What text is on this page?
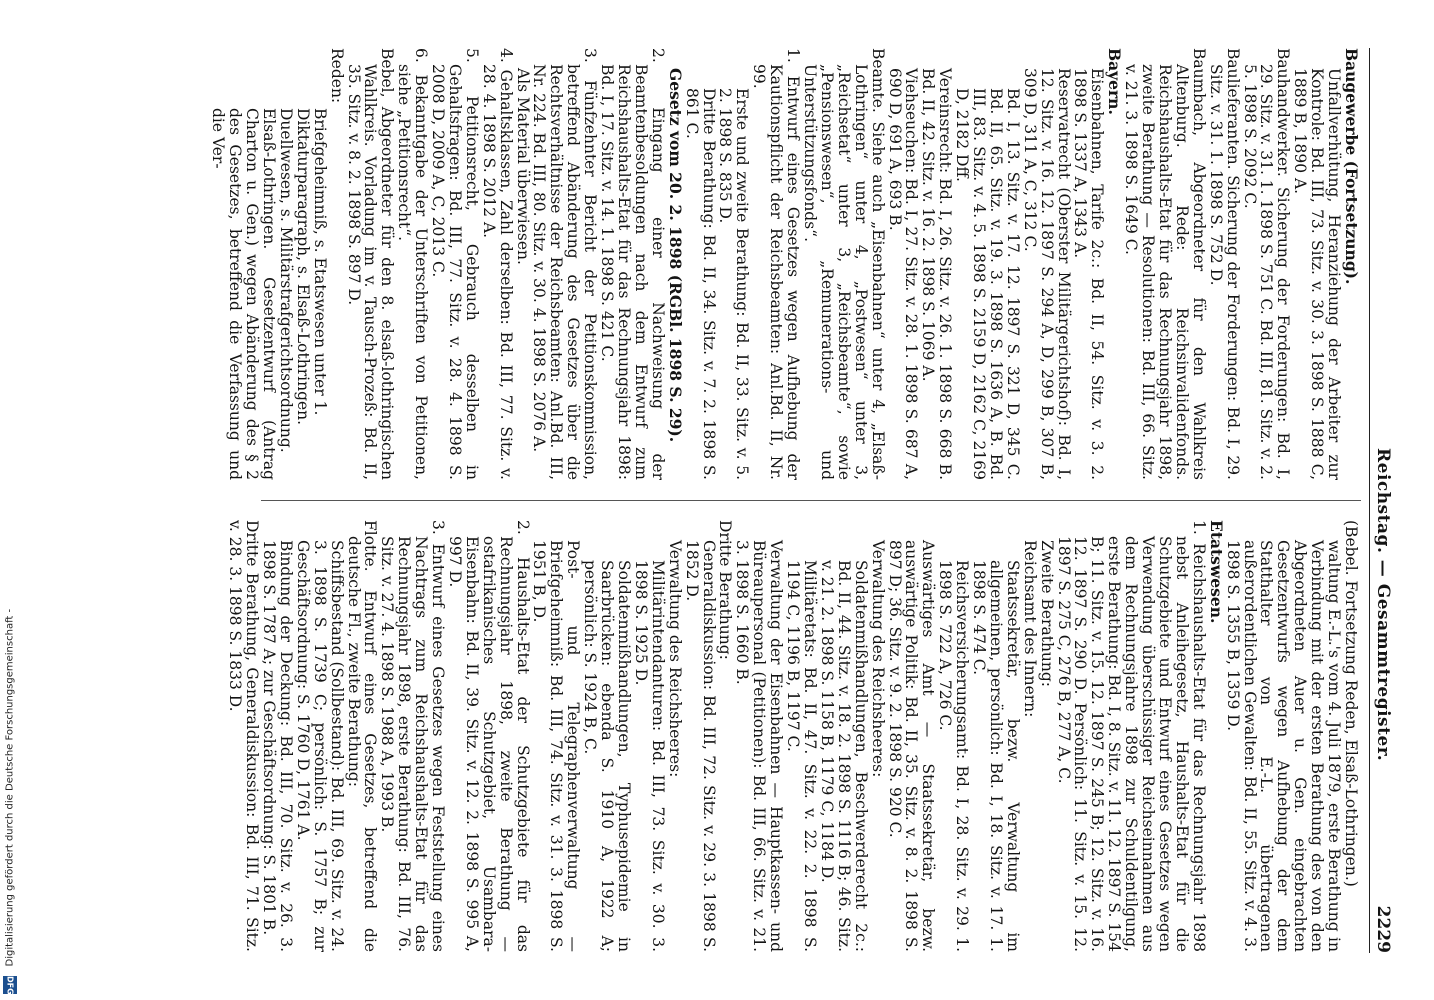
Digitalisierung gefördert durch die Deutsche Forschungsgemeinschaft -
DFG
Reichstag. — Gesammtregister.
2229

Baugewerbe (Fortsetzung).

Unfallverhütung, Heranziehung der Arbeiter zur Kontrole: Bd. III, 73. Sitz. v. 30. 3. 1898 S. 1888 C, 1889 B, 1890 A.

Bauhandwerker. Sicherung der Forderungen: Bd. I, 29. Sitz. v. 31. 1. 1898 S. 751 C. Bd. III, 81. Sitz. v. 2. 5. 1898 S. 2092 C.

Baulieferanten. Sicherung der Forderungen: Bd. I, 29. Sitz. v. 31. 1. 1898 S. 752 D.

Baumbach, Abgeordneter für den Wahlkreis Altenburg. Rede: Reichsinvalidenfonds. Reichshaushalts-Etat für das Rechnungsjahr 1898, zweite Berathung — Resolutionen: Bd. III, 66. Sitz. v. 21. 3. 1898 S. 1649 C.

Bayern.

Eisenbahnen, Tarife 2c.: Bd. II, 54. Sitz. v. 3. 2. 1898 S. 1337 A, 1343 A.

Reservatrecht (Oberster Militärgerichtshof): Bd. I, 12. Sitz. v. 16. 12. 1897 S. 294 A, D, 299 B, 307 B, 309 D, 311 A, C, 312 C.

Bd. I, 13. Sitz. v. 17. 12. 1897 S. 321 D, 345 C. Bd. II, 65. Sitz. v. 19. 3. 1898 S. 1636 A, B. Bd. III, 83. Sitz. v. 4. 5. 1898 S. 2159 D, 2162 C, 2169 D, 2182 Dff.

Vereinsrecht: Bd. I, 26. Sitz. v. 26. 1. 1898 S. 668 B. Bd. II, 42. Sitz. v. 16. 2. 1898 S. 1069 A.

Viehseuchen: Bd. I, 27. Sitz. v. 28. 1. 1898 S. 687 A, 690 D, 691 A, 693 B.

Beamte. Siehe auch „Eisenbahnen“ unter 4, „Elsaß-Lothringen“ unter 4, „Postwesen“ unter 3, „Reichsetat“ unter 3, „Reichsbeamte“, sowie „Pensionswesen“, „Remunerations- und Unterstützungsfonds“.

1. Entwurf eines Gesetzes wegen Aufhebung der Kautionspflicht der Reichsbeamten: Anl.Bd. II, Nr. 99.

Erste und zweite Berathung: Bd. II, 33. Sitz. v. 5. 2. 1898 S. 835 D.

Dritte Berathung: Bd. II, 34. Sitz. v. 7. 2. 1898 S. 861 C.

Gesetz vom 20. 2. 1898 (RGBl. 1898 S. 29).

2. Eingang einer Nachweisung der Beamtenbesoldungen nach dem Entwurf zum Reichshaushalts-Etat für das Rechnungsjahr 1898: Bd. I, 17. Sitz. v. 14. 1. 1898 S. 421 C.

3. Fünfzehnter Bericht der Petitionskommission, betreffend Abänderung des Gesetzes über die Rechtsverhältnisse der Reichsbeamten: Anl.Bd. III, Nr. 224. Bd. III, 80. Sitz. v. 30. 4. 1898 S. 2076 A.

Als Material überwiesen.

4. Gehaltsklassen, Zahl derselben: Bd. III, 77. Sitz. v. 28. 4. 1898 S. 2012 A.

5. Petitionsrecht, Gebrauch desselben in Gehaltsfragen: Bd. III, 77. Sitz. v. 28. 4. 1898 S. 2008 D, 2009 A, C, 2013 C.

6. Bekanntgabe der Unterschriften von Petitionen, siehe „Petitionsrecht“.

Bebel, Abgeordneter für den 8. elsaß-lothringischen Wahlkreis. Vorladung im v. Tausch-Prozeß: Bd. II, 35. Sitz. v. 8. 2. 1898 S. 897 D.

Reden:

Briefgeheimniß, s. Etatswesen unter 1.

Diktaturparagraph, s. Elsaß-Lothringen.

Duellwesen, s. Militärstrafgerichtsordnung.

Elsaß-Lothringen. Gesetzentwurf (Antrag Charton u. Gen.) wegen Abänderung des § 2 des Gesetzes, betreffend die Verfassung und die Ver-

(Bebel. Fortsetzung Reden, Elsaß-Lothringen.)

waltung E.-L.'s vom 4. Juli 1879, erste Berathung in Verbindung mit der ersten Berathung des von den Abgeordneten Auer u. Gen. eingebrachten Gesetzentwurfs wegen Aufhebung der dem Statthalter von E.-L. übertragenen außerordentlichen Gewalten: Bd. II, 55. Sitz. v. 4. 3. 1898 S. 1355 B, 1359 D.

Etatswesen.

1. Reichshaushalts-Etat für das Rechnungsjahr 1898 nebst Anleihegesetz, Haushalts-Etat für die Schutzgebiete und Entwurf eines Gesetzes wegen Verwendung überschüssiger Reichseinnahmen aus dem Rechnungsjahre 1898 zur Schuldentilgung, erste Berathung: Bd. I, 8. Sitz. v. 11. 12. 1897 S. 154 B; 11. Sitz. v. 15. 12. 1897 S. 245 B; 12. Sitz. v. 16. 12. 1897 S. 290 D. Persönlich: 11. Sitz. v. 15. 12. 1897 S. 275 C, 276 B, 277 A, C.

Zweite Berathung:

Reichsamt des Innern:

Staatssekretär, bezw. Verwaltung im allgemeinen, persönlich: Bd. I, 18. Sitz. v. 17. 1. 1898 S. 474 C.

Reichsversicherungsamt: Bd. I, 28. Sitz. v. 29. 1. 1898 S. 722 A, 726 C.

Auswärtiges Amt — Staatssekretär, bezw. auswärtige Politik: Bd. II, 35. Sitz. v. 8. 2. 1898 S. 897 D; 36. Sitz. v. 9. 2. 1898 S. 920 C.

Verwaltung des Reichsheeres:

Soldatenmißhandlungen, Beschwerderecht 2c.: Bd. II, 44. Sitz. v. 18. 2. 1898 S. 1116 B; 46. Sitz. v. 21. 2. 1898 S. 1158 B, 1179 C, 1184 D.

Militäretats: Bd. II, 47. Sitz. v. 22. 2. 1898 S. 1194 C, 1196 B, 1197 C.

Verwaltung der Eisenbahnen — Hauptkassen- und Büreaupersonal (Petitionen): Bd. III, 66. Sitz. v. 21. 3. 1898 S. 1660 B.

Dritte Berathung:

Generaldiskussion: Bd. III, 72. Sitz. v. 29. 3. 1898 S. 1852 D.

Verwaltung des Reichsheeres:

Militärintendanturen: Bd. III, 73. Sitz. v. 30. 3. 1898 S. 1925 D.

Soldatenmißhandlungen, Typhusepidemie in Saarbrücken: ebenda S. 1910 A, 1922 A; persönlich: S. 1924 B, C.

Post- und Telegraphenverwaltung — Briefgeheimniß: Bd. III, 74. Sitz. v. 31. 3. 1898 S. 1951 B, D.

2. Haushalts-Etat der Schutzgebiete für das Rechnungsjahr 1898, zweite Berathung — ostafrikanisches Schutzgebiet, Usambara-Eisenbahn: Bd. II, 39. Sitz. v. 12. 2. 1898 S. 995 A, 997 D.

3. Entwurf eines Gesetzes wegen Feststellung eines Nachtrags zum Reichshaushalts-Etat für das Rechnungsjahr 1898, erste Berathung: Bd. III, 76. Sitz. v. 27. 4. 1898 S. 1988 A, 1993 B.

Flotte. Entwurf eines Gesetzes, betreffend die deutsche Fl., zweite Berathung:

Schiffsbestand (Sollbestand): Bd. III, 69. Sitz. v. 24. 3. 1898 S. 1739 C; persönlich: S. 1757 B; zur Geschäftsordnung: S. 1760 D, 1761 A.

Bindung der Deckung: Bd. III, 70. Sitz. v. 26. 3. 1898 S. 1787 A; zur Geschäftsordnung: S. 1801 B.

Dritte Berathung, Generaldiskussion: Bd. III, 71. Sitz. v. 28. 3. 1898 S. 1833 D.
